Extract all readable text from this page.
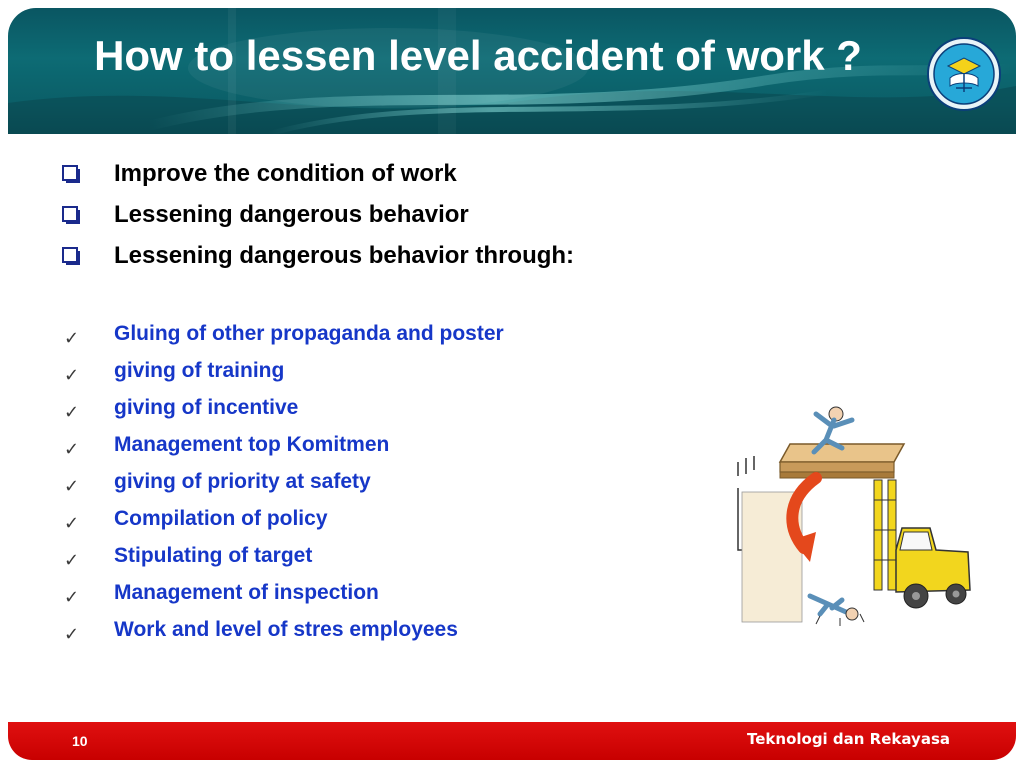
How to lessen level accident of work ?
Improve the condition of work
Lessening dangerous behavior
Lessening dangerous behavior through:
✓ Gluing of other propaganda and poster
✓ giving of training
✓ giving of incentive
✓ Management top Komitmen
✓ giving of priority at safety
✓ Compilation of policy
✓ Stipulating of target
✓ Management of inspection
✓ Work and level of stres employees
10	Teknologi dan Rekayasa
